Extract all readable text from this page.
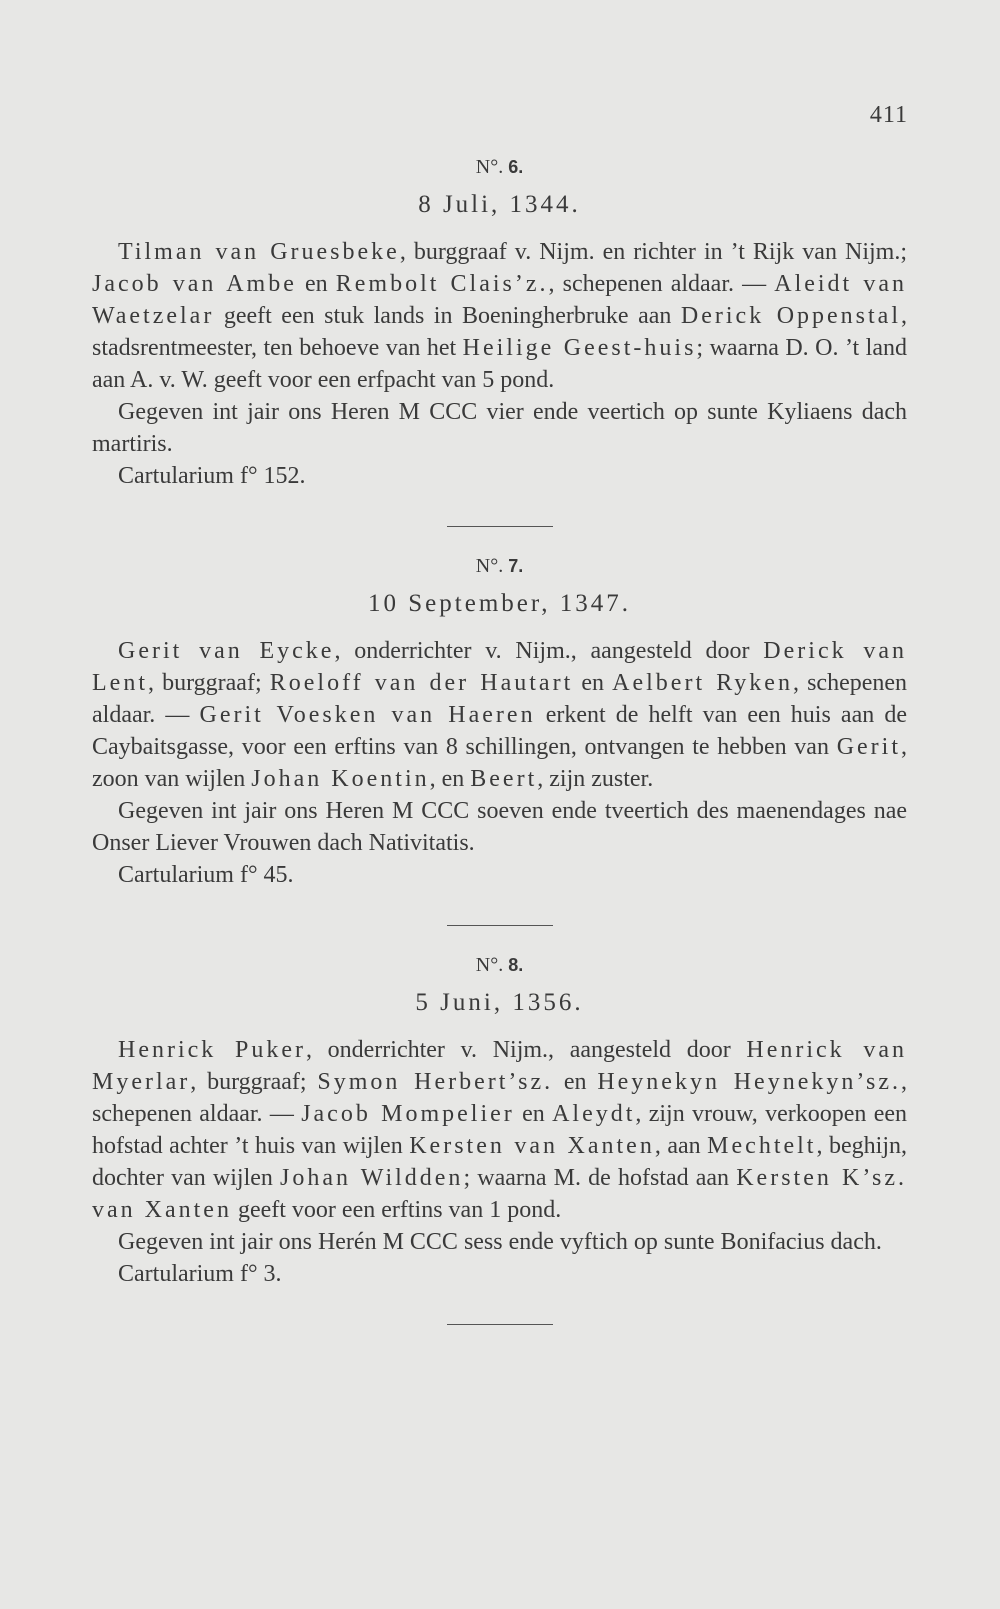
411

N°. 6.

8 Juli, 1344.

Tilman van Gruesbeke, burggraaf v. Nijm. en richter in ’t Rijk van Nijm.; Jacob van Ambe en Rembolt Clais’z., schepenen aldaar. — Aleidt van Waetzelar geeft een stuk lands in Boeningherbruke aan Derick Oppenstal, stadsrentmeester, ten behoeve van het Heilige Geest-huis; waarna D. O. ’t land aan A. v. W. geeft voor een erfpacht van 5 pond.

Gegeven int jair ons Heren M CCC vier ende veertich op sunte Kyliaens dach martiris.

Cartularium f° 152.

N°. 7.

10 September, 1347.

Gerit van Eycke, onderrichter v. Nijm., aangesteld door Derick van Lent, burggraaf; Roeloff van der Hautart en Aelbert Ryken, schepenen aldaar. — Gerit Voesken van Haeren erkent de helft van een huis aan de Caybaitsgasse, voor een erftins van 8 schillingen, ontvangen te hebben van Gerit, zoon van wijlen Johan Koentin, en Beert, zijn zuster.

Gegeven int jair ons Heren M CCC soeven ende tveertich des maenendages nae Onser Liever Vrouwen dach Nativitatis.

Cartularium f° 45.

N°. 8.

5 Juni, 1356.

Henrick Puker, onderrichter v. Nijm., aangesteld door Henrick van Myerlar, burggraaf; Symon Herbert’sz. en Heynekyn Heynekyn’sz., schepenen aldaar. — Jacob Mompelier en Aleydt, zijn vrouw, verkoopen een hofstad achter ’t huis van wijlen Kersten van Xanten, aan Mechtelt, beghijn, dochter van wijlen Johan Wildden; waarna M. de hofstad aan Kersten K’sz. van Xanten geeft voor een erftins van 1 pond.

Gegeven int jair ons Herén M CCC sess ende vyftich op sunte Bonifacius dach.

Cartularium f° 3.
